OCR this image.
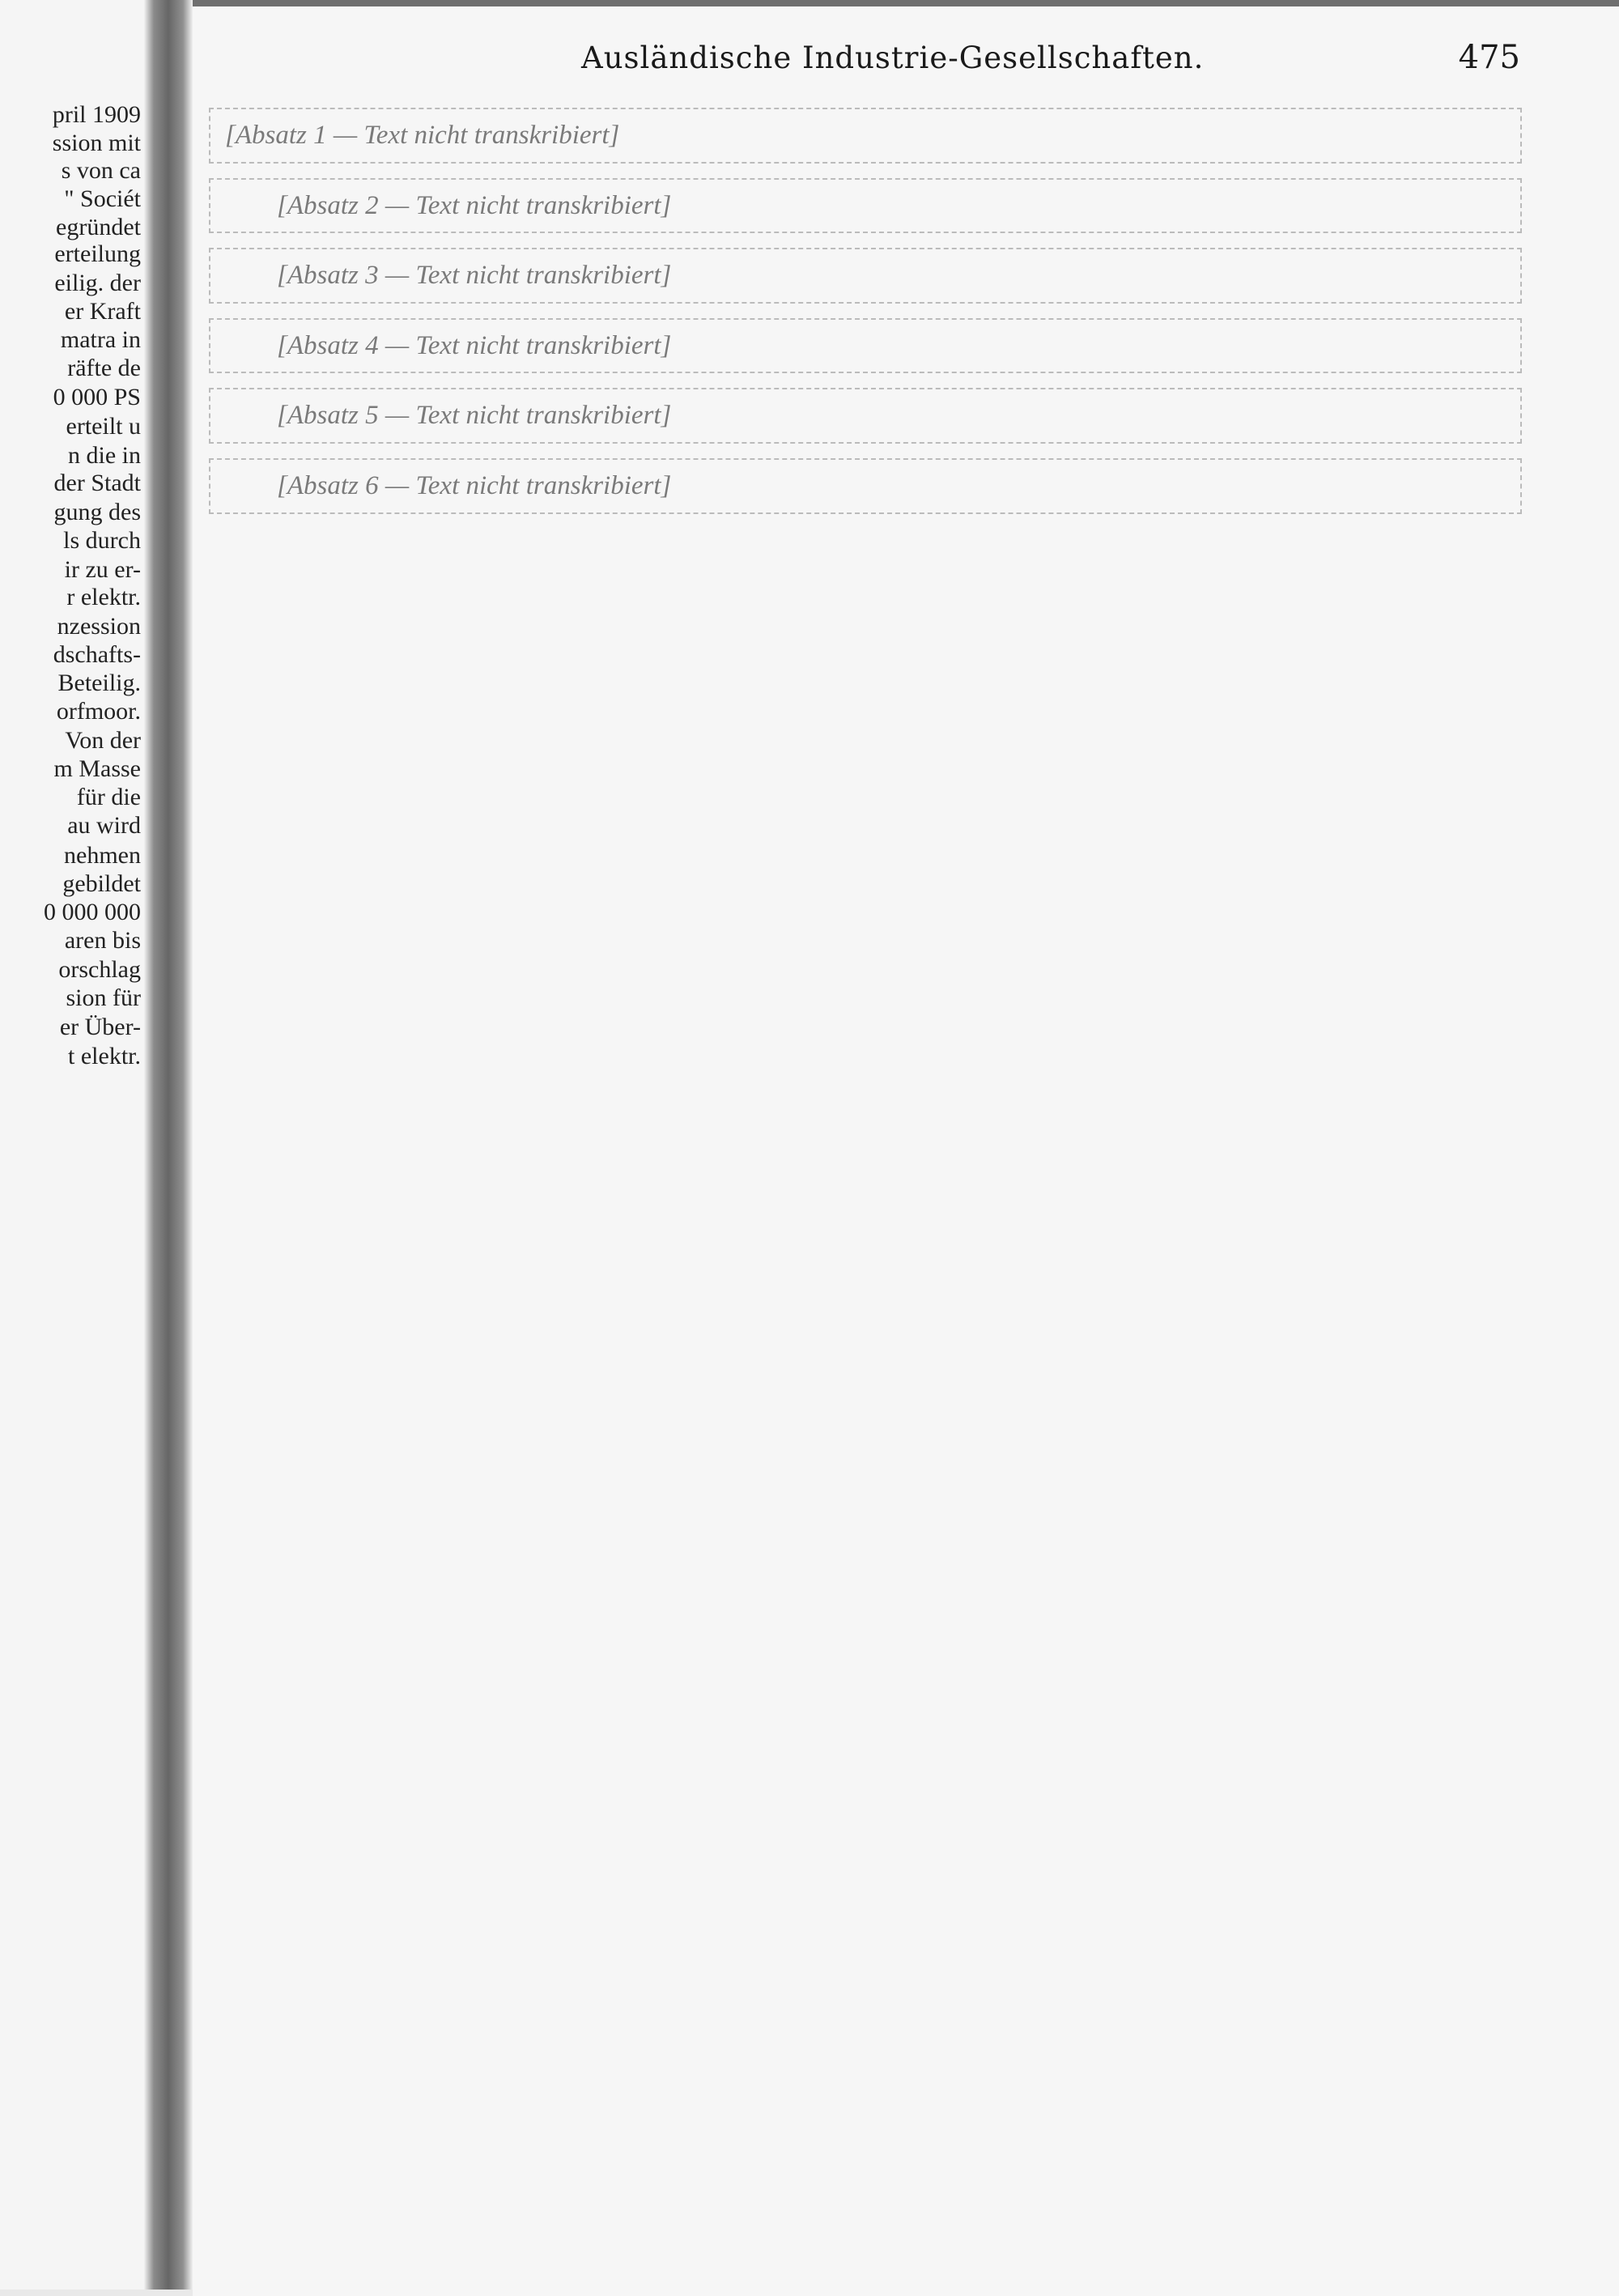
pril 1909
ssion mit
s von ca
" Sociét
egründet
erteilung
eilig. der
er Kraft
matra in
räfte de
0 000 PS
erteilt u
n die in
der Stadt
gung des
ls durch
ir zu er-
r elektr.
nzession
dschafts-
Beteilig.
orfmoor.
Von der
m Masse
für die
au wird
nehmen
gebildet
0 000 000
aren bis
orschlag
sion für
er Über-
t elektr.
Ausländische Industrie-Gesellschaften.	475

[Absatz 1 — Text nicht transkribiert]

[Absatz 2 — Text nicht transkribiert]

[Absatz 3 — Text nicht transkribiert]

[Absatz 4 — Text nicht transkribiert]

[Absatz 5 — Text nicht transkribiert]

[Absatz 6 — Text nicht transkribiert]
